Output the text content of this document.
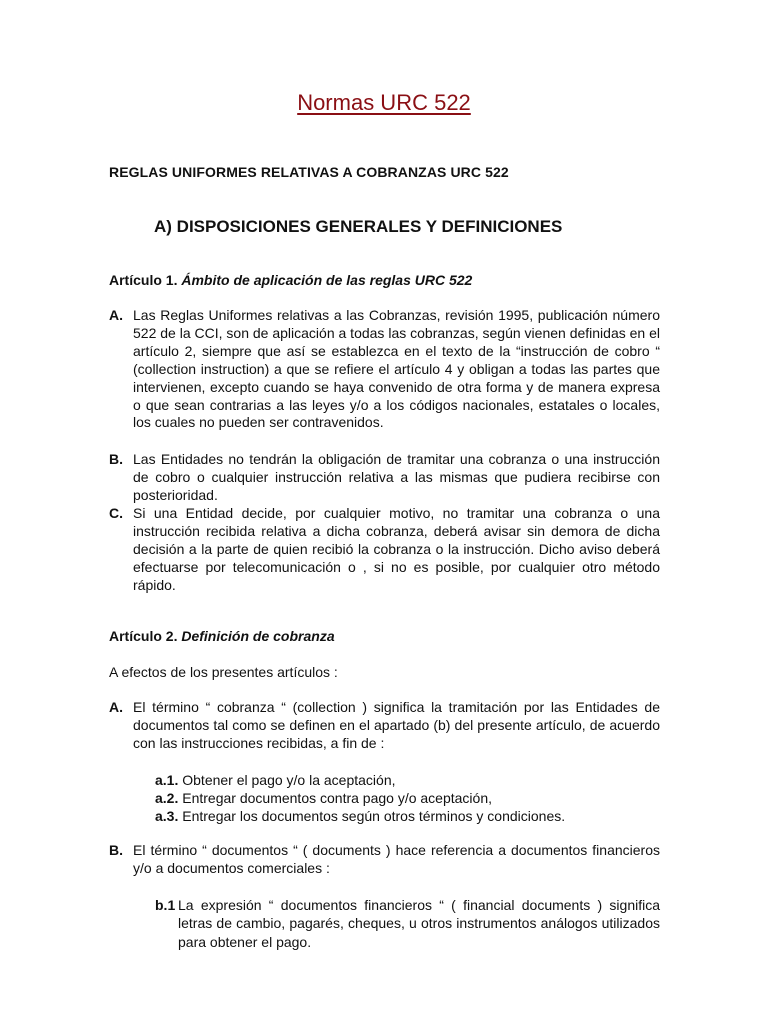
Normas URC 522
REGLAS UNIFORMES RELATIVAS A COBRANZAS URC 522
A) DISPOSICIONES GENERALES Y DEFINICIONES
Artículo 1. Ámbito de aplicación de las reglas URC 522
A. Las Reglas Uniformes relativas a las Cobranzas, revisión 1995, publicación número 522 de la CCI, son de aplicación a todas las cobranzas, según vienen definidas en el artículo 2, siempre que así se establezca en el texto de la “instrucción de cobro “ (collection instruction) a que se refiere el artículo 4 y obligan a todas las partes que intervienen, excepto cuando se haya convenido de otra forma y de manera expresa o que sean contrarias a las leyes y/o a los códigos nacionales, estatales o locales, los cuales no pueden ser contravenidos.
B. Las Entidades no tendrán la obligación de tramitar una cobranza o una instrucción de cobro o cualquier instrucción relativa a las mismas que pudiera recibirse con posterioridad.
C. Si una Entidad decide, por cualquier motivo, no tramitar una cobranza o una instrucción recibida relativa a dicha cobranza, deberá avisar sin demora de dicha decisión a la parte de quien recibió la cobranza o la instrucción. Dicho aviso deberá efectuarse por telecomunicación o , si no es posible, por cualquier otro método rápido.
Artículo 2. Definición de cobranza
A efectos de los presentes artículos :
A. El término “ cobranza “ (collection ) significa la tramitación por las Entidades de documentos tal como se definen en el apartado (b) del presente artículo, de acuerdo con las instrucciones recibidas, a fin de :
a.1. Obtener el pago y/o la aceptación,
a.2. Entregar documentos contra pago y/o aceptación,
a.3. Entregar los documentos según otros términos y condiciones.
B. El término “ documentos “ ( documents ) hace referencia a documentos financieros y/o a documentos comerciales :
b.1 La expresión “ documentos financieros “ ( financial documents ) significa letras de cambio, pagarés, cheques, u otros instrumentos análogos utilizados para obtener el pago.
